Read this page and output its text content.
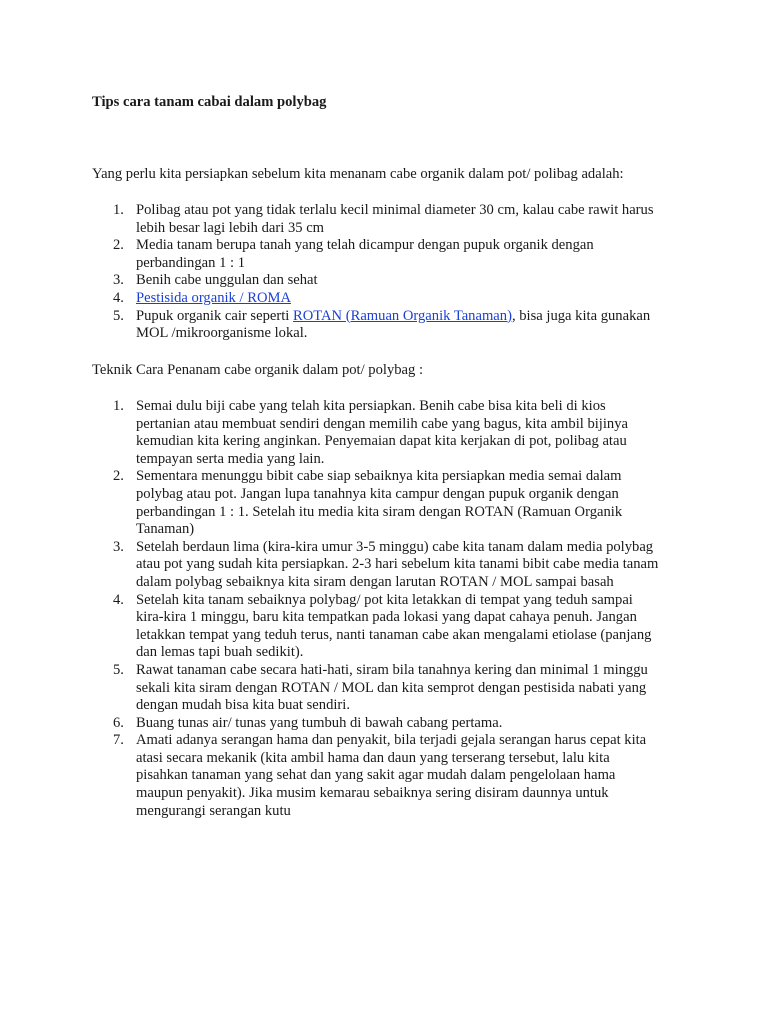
Tips cara tanam cabai dalam polybag
Yang perlu kita persiapkan sebelum kita menanam cabe organik dalam pot/ polibag adalah:
1. Polibag atau pot yang tidak terlalu kecil minimal diameter 30 cm, kalau cabe rawit harus
lebih besar lagi lebih dari 35 cm
2. Media tanam berupa tanah yang telah dicampur dengan pupuk organik dengan
perbandingan 1 : 1
3. Benih cabe unggulan dan sehat
4. Pestisida organik / ROMA
5. Pupuk organik cair seperti ROTAN (Ramuan Organik Tanaman), bisa juga kita gunakan
MOL /mikroorganisme lokal.
Teknik Cara Penanam cabe organik dalam pot/ polybag :
1. Semai dulu biji cabe yang telah kita persiapkan. Benih cabe bisa kita beli di kios
pertanian atau membuat sendiri dengan memilih cabe yang bagus, kita ambil bijinya
kemudian kita kering anginkan. Penyemaian dapat kita kerjakan di pot, polibag atau
tempayan serta media yang lain.
2. Sementara menunggu bibit cabe siap sebaiknya kita persiapkan media semai dalam
polybag atau pot. Jangan lupa tanahnya kita campur dengan pupuk organik dengan
perbandingan 1 : 1. Setelah itu media kita siram dengan ROTAN (Ramuan Organik
Tanaman)
3. Setelah berdaun lima (kira-kira umur 3-5 minggu) cabe kita tanam dalam media polybag
atau pot yang sudah kita persiapkan. 2-3 hari sebelum kita tanami bibit cabe media tanam
dalam polybag sebaiknya kita siram dengan larutan ROTAN / MOL sampai basah
4. Setelah kita tanam sebaiknya polybag/ pot kita letakkan di tempat yang teduh sampai
kira-kira 1 minggu, baru kita tempatkan pada lokasi yang dapat cahaya penuh. Jangan
letakkan tempat yang teduh terus, nanti tanaman cabe akan mengalami etiolase (panjang
dan lemas tapi buah sedikit).
5. Rawat tanaman cabe secara hati-hati, siram bila tanahnya kering dan minimal 1 minggu
sekali kita siram dengan ROTAN / MOL dan kita semprot dengan pestisida nabati yang
dengan mudah bisa kita buat sendiri.
6. Buang tunas air/ tunas yang tumbuh di bawah cabang pertama.
7. Amati adanya serangan hama dan penyakit, bila terjadi gejala serangan harus cepat kita
atasi secara mekanik (kita ambil hama dan daun yang terserang tersebut, lalu kita
pisahkan tanaman yang sehat dan yang sakit agar mudah dalam pengelolaan hama
maupun penyakit). Jika musim kemarau sebaiknya sering disiram daunnya untuk
mengurangi serangan kutu
